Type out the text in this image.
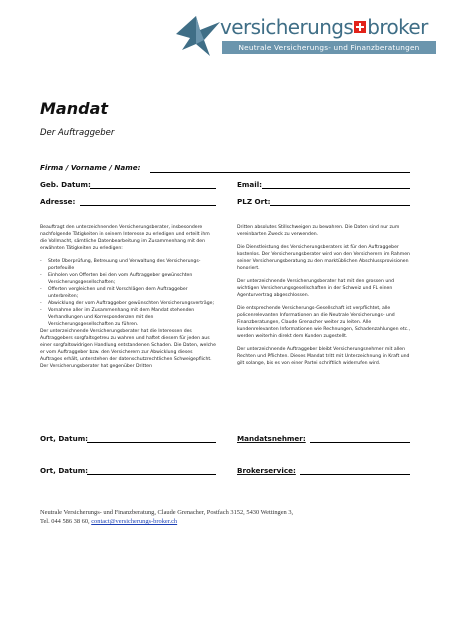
versicherungs broker
Neutrale Versicherungs- und Finanzberatungen
Mandat
Der Auftraggeber
Firma / Vorname / Name:
Geb. Datum:	Email:
Adresse:	PLZ Ort:

Beauftragt den unterzeichnenden Versicherungsberater, insbesondere nachfolgende Tätigkeiten in seinem Interesse zu erledigen und erteilt ihm die Vollmacht, sämtliche Datenbearbeitung im Zusammenhang mit den erwähnten Tätigkeiten zu erledigen:

- Stete Überprüfung, Betreuung und Verwaltung des Versicherungs-portefeuille
- Einholen von Offerten bei den vom Auftraggeber gewünschten Versicherungsgesellschaften;
- Offerten vergleichen und mit Vorschlägen dem Auftraggeber unterbreiten;
- Abwicklung der vom Auftraggeber gewünschten Versicherungsverträge;
- Vornahme aller im Zusammenhang mit dem Mandat stehenden Verhandlungen und Korrespondenzen mit den Versicherungsgesellschaften zu führen.

Der unterzeichnende Versicherungsberater hat die Interessen des Auftraggebers sorgfaltsgetreu zu wahren und haftet diesem für jeden aus einer sorgfaltswidrigen Handlung entstandenen Schaden. Die Daten, welche er vom Auftraggeber bzw. den Versicherern zur Abwicklung dieses Auftrages erhält, unterstehen der datenschutzrechtlichen Schweigepflicht. Der Versicherungsberater hat gegenüber Dritten

Dritten absolutes Stillschweigen zu bewahren. Die Daten sind nur zum vereinbarten Zweck zu verwenden.

Die Dienstleistung des Versicherungsberaters ist für den Auftraggeber kostenlos. Der Versicherungsberater wird von den Versicherern im Rahmen seiner Versicherungsberatung zu den marktüblichen Abschlussprovisionen honoriert.

Der unterzeichnende Versicherungsberater hat mit den grossen und wichtigen Versicherungsgesellschaften in der Schweiz und FL einen Agenturvertrag abgeschlossen.

Die entsprechende Versicherungs-Gesellschaft ist verpflichtet, alle policenrelevanten Informationen an die Neutrale Versicherungs- und Finanzberatungen, Claude Grenacher weiter zu leiten. Alle kundenrelevanten Informationen wie Rechnungen, Schadenzahlungen etc., werden weiterhin direkt dem Kunden zugestellt.

Der unterzeichnende Auftraggeber bleibt Versicherungsnehmer mit allen Rechten und Pflichten. Dieses Mandat tritt mit Unterzeichnung in Kraft und gilt solange, bis es von einer Partei schriftlich widerrufen wird.

Ort, Datum:	Mandatsnehmer:
Ort, Datum:	Brokerservice:
Neutrale Versicherungs- und Finanzberatung, Claude Grenacher, Postfach 3152, 5430 Wettingen 3,
Tel. 044 586 38 60, contact@versicherungs-broker.ch
